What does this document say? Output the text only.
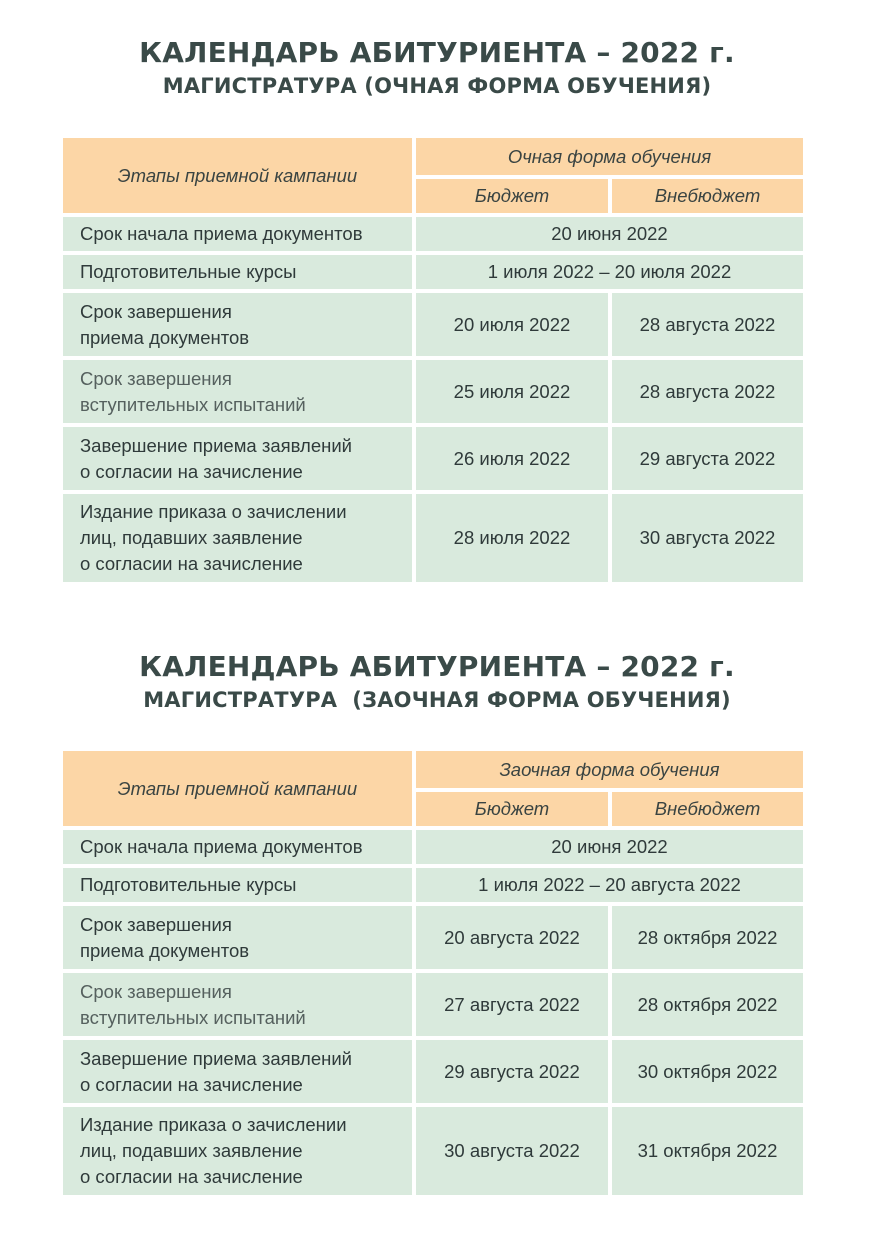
КАЛЕНДАРЬ АБИТУРИЕНТА – 2022 г.
МАГИСТРАТУРА (ОЧНАЯ ФОРМА ОБУЧЕНИЯ)
Этапы приемной кампании	Очная форма обучения	
	Бюджет	Внебюджет
Срок начала приема документов	20 июня 2022	
Подготовительные курсы	1 июля 2022 – 20 июля 2022	

Срок завершения
приема документов	20 июля 2022	28 августа 2022

Срок завершения
вступительных испытаний	25 июля 2022	28 августа 2022

Завершение приема заявлений
о согласии на зачисление	26 июля 2022	29 августа 2022

Издание приказа о зачислении
лиц, подавших заявление
о согласии на зачисление	28 июля 2022	30 августа 2022
КАЛЕНДАРЬ АБИТУРИЕНТА – 2022 г.
МАГИСТРАТУРА  (ЗАОЧНАЯ ФОРМА ОБУЧЕНИЯ)
Этапы приемной кампании	Заочная форма обучения	
	Бюджет	Внебюджет
Срок начала приема документов	20 июня 2022	
Подготовительные курсы	1 июля 2022 – 20 августа 2022	

Срок завершения
приема документов	20 августа 2022	28 октября 2022

Срок завершения
вступительных испытаний	27 августа 2022	28 октября 2022

Завершение приема заявлений
о согласии на зачисление	29 августа 2022	30 октября 2022

Издание приказа о зачислении
лиц, подавших заявление
о согласии на зачисление	30 августа 2022	31 октября 2022
